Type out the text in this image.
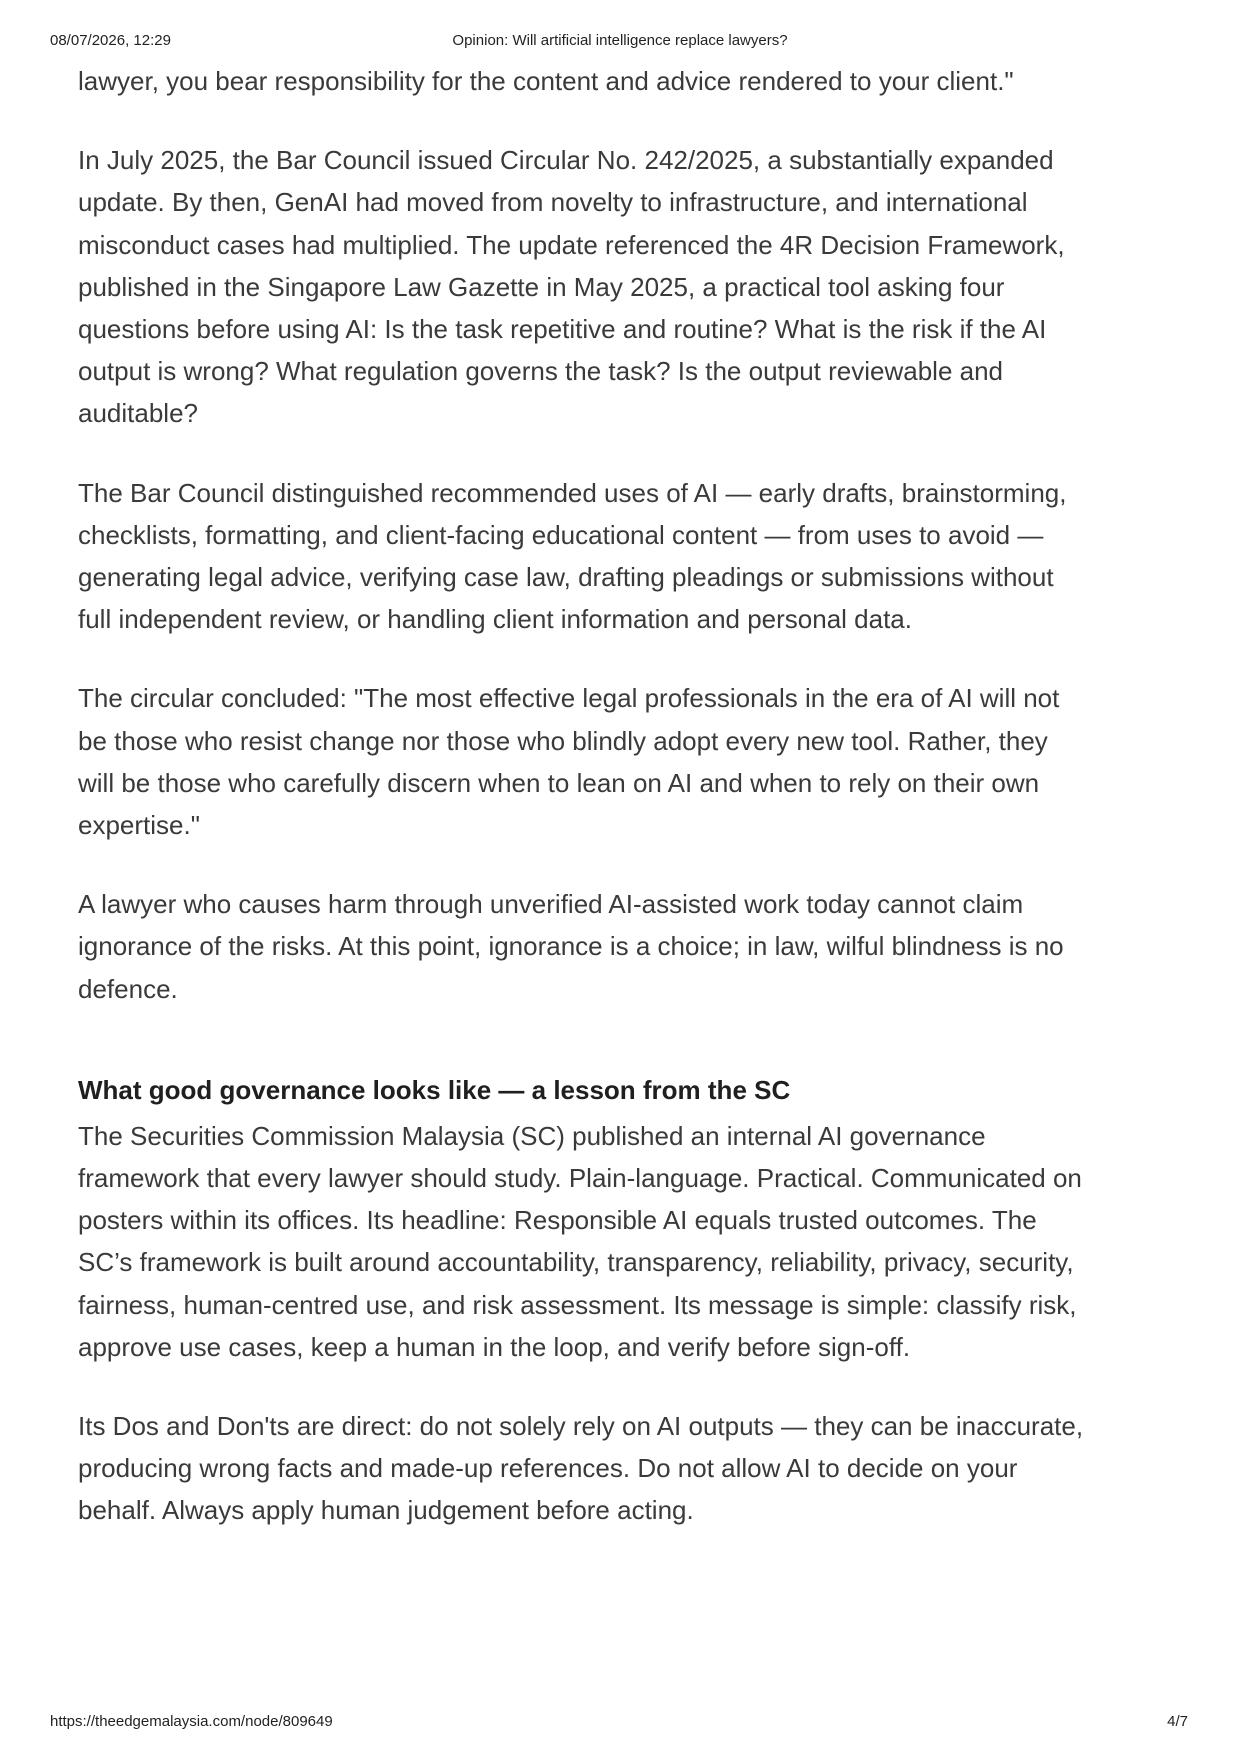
08/07/2026, 12:29	Opinion: Will artificial intelligence replace lawyers?

lawyer, you bear responsibility for the content and advice rendered to your client."

In July 2025, the Bar Council issued Circular No. 242/2025, a substantially expanded update. By then, GenAI had moved from novelty to infrastructure, and international misconduct cases had multiplied. The update referenced the 4R Decision Framework, published in the Singapore Law Gazette in May 2025, a practical tool asking four questions before using AI: Is the task repetitive and routine? What is the risk if the AI output is wrong? What regulation governs the task? Is the output reviewable and auditable?

The Bar Council distinguished recommended uses of AI — early drafts, brainstorming, checklists, formatting, and client-facing educational content — from uses to avoid — generating legal advice, verifying case law, drafting pleadings or submissions without full independent review, or handling client information and personal data.

The circular concluded: "The most effective legal professionals in the era of AI will not be those who resist change nor those who blindly adopt every new tool. Rather, they will be those who carefully discern when to lean on AI and when to rely on their own expertise."

A lawyer who causes harm through unverified AI-assisted work today cannot claim ignorance of the risks. At this point, ignorance is a choice; in law, wilful blindness is no defence.

What good governance looks like — a lesson from the SC

The Securities Commission Malaysia (SC) published an internal AI governance framework that every lawyer should study. Plain-language. Practical. Communicated on posters within its offices. Its headline: Responsible AI equals trusted outcomes. The SC’s framework is built around accountability, transparency, reliability, privacy, security, fairness, human-centred use, and risk assessment. Its message is simple: classify risk, approve use cases, keep a human in the loop, and verify before sign-off.

Its Dos and Don'ts are direct: do not solely rely on AI outputs — they can be inaccurate, producing wrong facts and made-up references. Do not allow AI to decide on your behalf. Always apply human judgement before acting.

https://theedgemalaysia.com/node/809649	4/7
